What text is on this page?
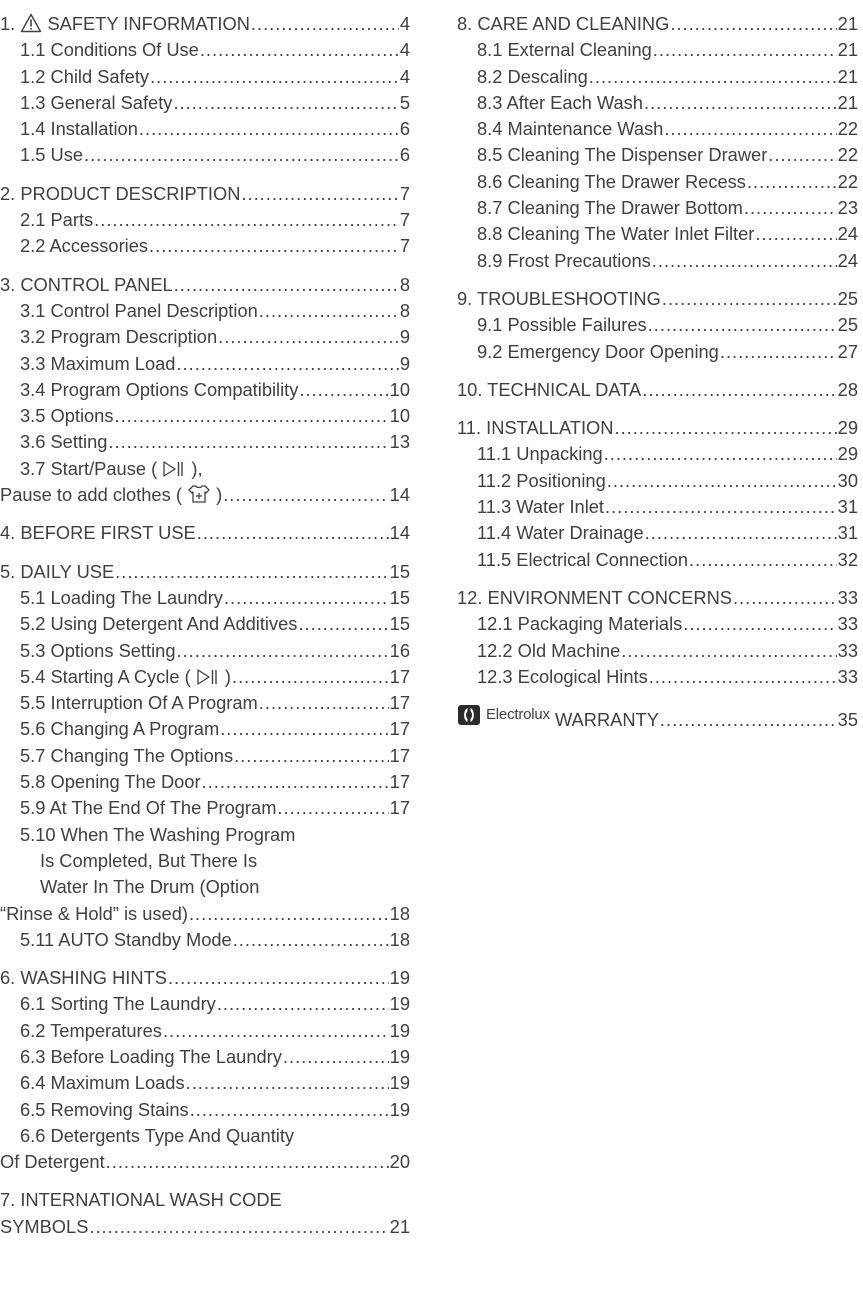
1. SAFETY INFORMATION .....	4
1.1 Conditions Of Use .....	4
1.2 Child Safety .....	4
1.3 General Safety .....	5
1.4 Installation .....	6
1.5 Use .....	6
2. PRODUCT DESCRIPTION .....	7
2.1 Parts .....	7
2.2 Accessories .....	7
3. CONTROL PANEL .....	8
3.1 Control Panel Description .....	8
3.2 Program Description .....	9
3.3 Maximum Load .....	9
3.4 Program Options Compatibility .....	10
3.5 Options .....	10
3.6 Setting .....	13
3.7 Start/Pause ( ),
Pause to add clothes ( ) .....	14
4. BEFORE FIRST USE .....	14
5. DAILY USE .....	15
5.1 Loading The Laundry .....	15
5.2 Using Detergent And Additives .....	15
5.3 Options Setting .....	16
5.4 Starting A Cycle ( ) .....	17
5.5 Interruption Of A Program .....	17
5.6 Changing A Program .....	17
5.7 Changing The Options .....	17
5.8 Opening The Door .....	17
5.9 At The End Of The Program .....	17
5.10 When The Washing Program
Is Completed, But There Is
Water In The Drum (Option
“Rinse & Hold” is used) .....	18
5.11 AUTO Standby Mode .....	18
6. WASHING HINTS .....	19
6.1 Sorting The Laundry .....	19
6.2 Temperatures .....	19
6.3 Before Loading The Laundry .....	19
6.4 Maximum Loads .....	19
6.5 Removing Stains .....	19
6.6 Detergents Type And Quantity
Of Detergent .....	20
7. INTERNATIONAL WASH CODE
SYMBOLS .....	21
8. CARE AND CLEANING .....	21
8.1 External Cleaning .....	21
8.2 Descaling .....	21
8.3 After Each Wash .....	21
8.4 Maintenance Wash .....	22
8.5 Cleaning The Dispenser Drawer .....	22
8.6 Cleaning The Drawer Recess .....	22
8.7 Cleaning The Drawer Bottom .....	23
8.8 Cleaning The Water Inlet Filter .....	24
8.9 Frost Precautions .....	24
9. TROUBLESHOOTING .....	25
9.1 Possible Failures .....	25
9.2 Emergency Door Opening .....	27
10. TECHNICAL DATA .....	28
11. INSTALLATION .....	29
11.1 Unpacking .....	29
11.2 Positioning .....	30
11.3 Water Inlet .....	31
11.4 Water Drainage .....	31
11.5 Electrical Connection .....	32
12. ENVIRONMENT CONCERNS .....	33
12.1 Packaging Materials .....	33
12.2 Old Machine .....	33
12.3 Ecological Hints .....	33
Electrolux WARRANTY .....	35
